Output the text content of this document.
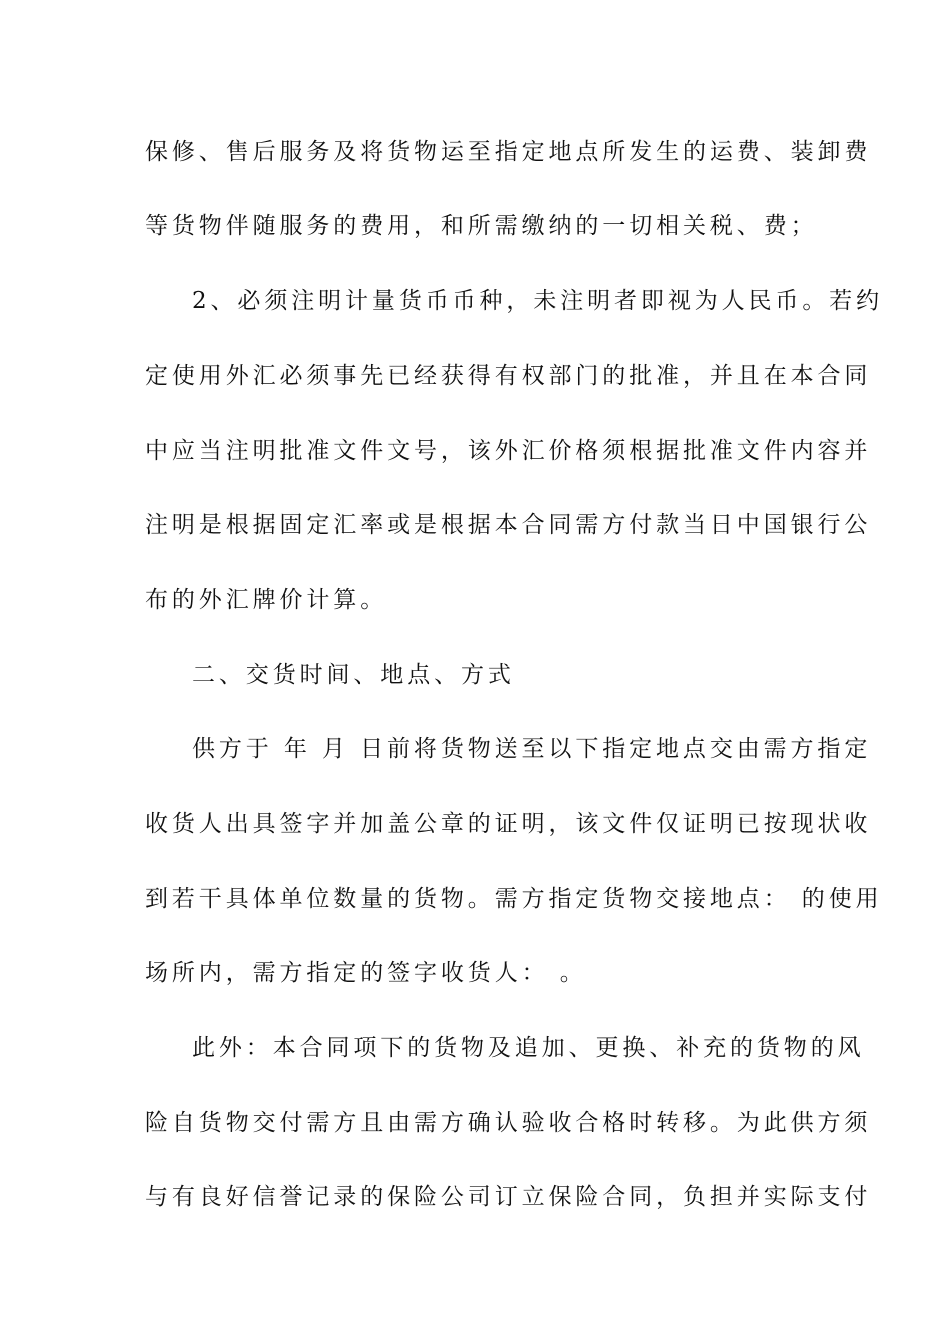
保修、售后服务及将货物运至指定地点所发生的运费、装卸费
等货物伴随服务的费用，和所需缴纳的一切相关税、费；
2、必须注明计量货币币种，未注明者即视为人民币。若约
定使用外汇必须事先已经获得有权部门的批准，并且在本合同
中应当注明批准文件文号，该外汇价格须根据批准文件内容并
注明是根据固定汇率或是根据本合同需方付款当日中国银行公
布的外汇牌价计算。
二、交货时间、地点、方式
供方于 年 月 日前将货物送至以下指定地点交由需方指定
收货人出具签字并加盖公章的证明，该文件仅证明已按现状收
到若干具体单位数量的货物。需方指定货物交接地点： 的使用
场所内，需方指定的签字收货人： 。
此外：本合同项下的货物及追加、更换、补充的货物的风
险自货物交付需方且由需方确认验收合格时转移。为此供方须
与有良好信誉记录的保险公司订立保险合同，负担并实际支付
